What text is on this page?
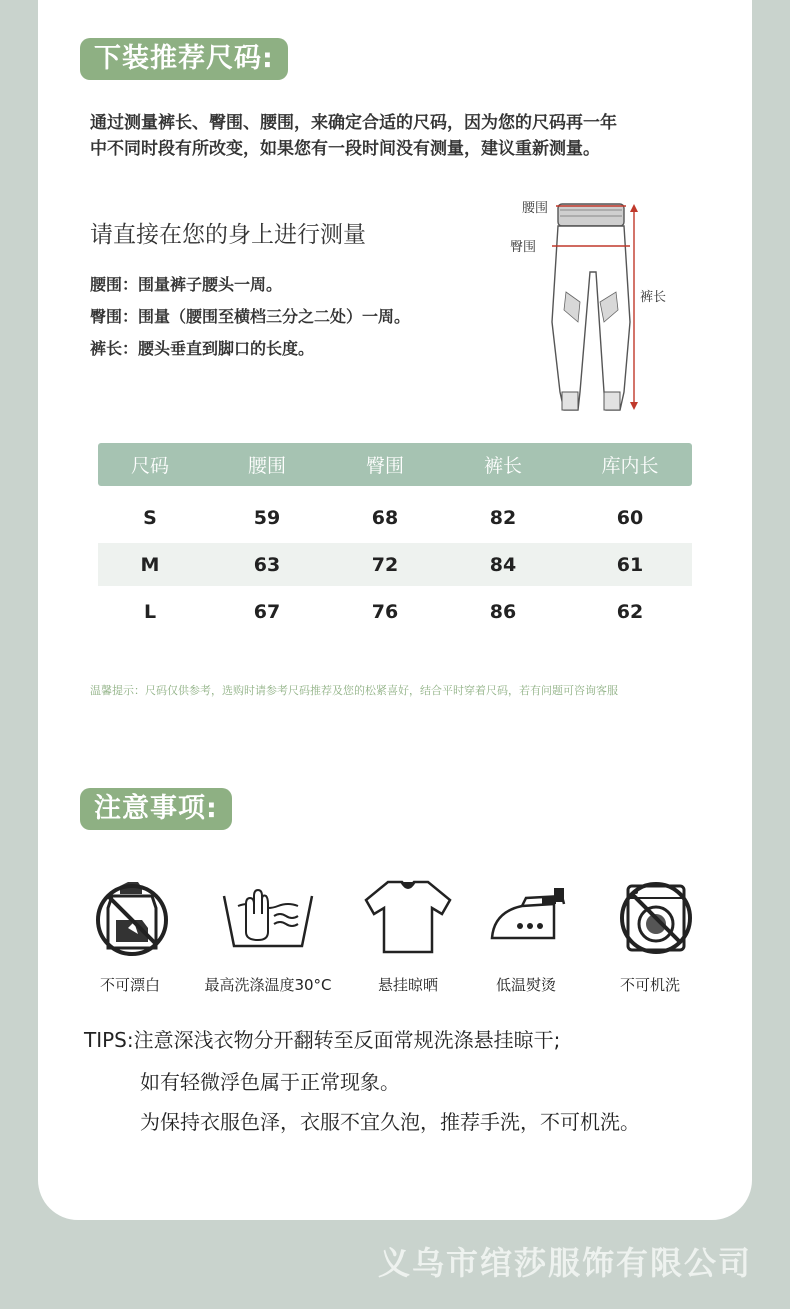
下装推荐尺码:
通过测量裤长、臀围、腰围，来确定合适的尺码，因为您的尺码再一年
中不同时段有所改变，如果您有一段时间没有测量，建议重新测量。
请直接在您的身上进行测量
腰围：围量裤子腰头一周。
臀围：围量（腰围至横档三分之二处）一周。
裤长：腰头垂直到脚口的长度。
腰围
臀围
裤长
尺码	腰围	臀围	裤长	库内长
S	59	68	82	60
M	63	72	84	61
L	67	76	86	62
温馨提示：尺码仅供参考，选购时请参考尺码推荐及您的松紧喜好，结合平时穿着尺码，若有问题可咨询客服
注意事项:
不可漂白	最高洗涤温度30°C	悬挂晾晒	低温熨烫	不可机洗
TIPS:注意深浅衣物分开翻转至反面常规洗涤悬挂晾干;
如有轻微浮色属于正常现象。
为保持衣服色泽，衣服不宜久泡，推荐手洗，不可机洗。
义乌市绾莎服饰有限公司
